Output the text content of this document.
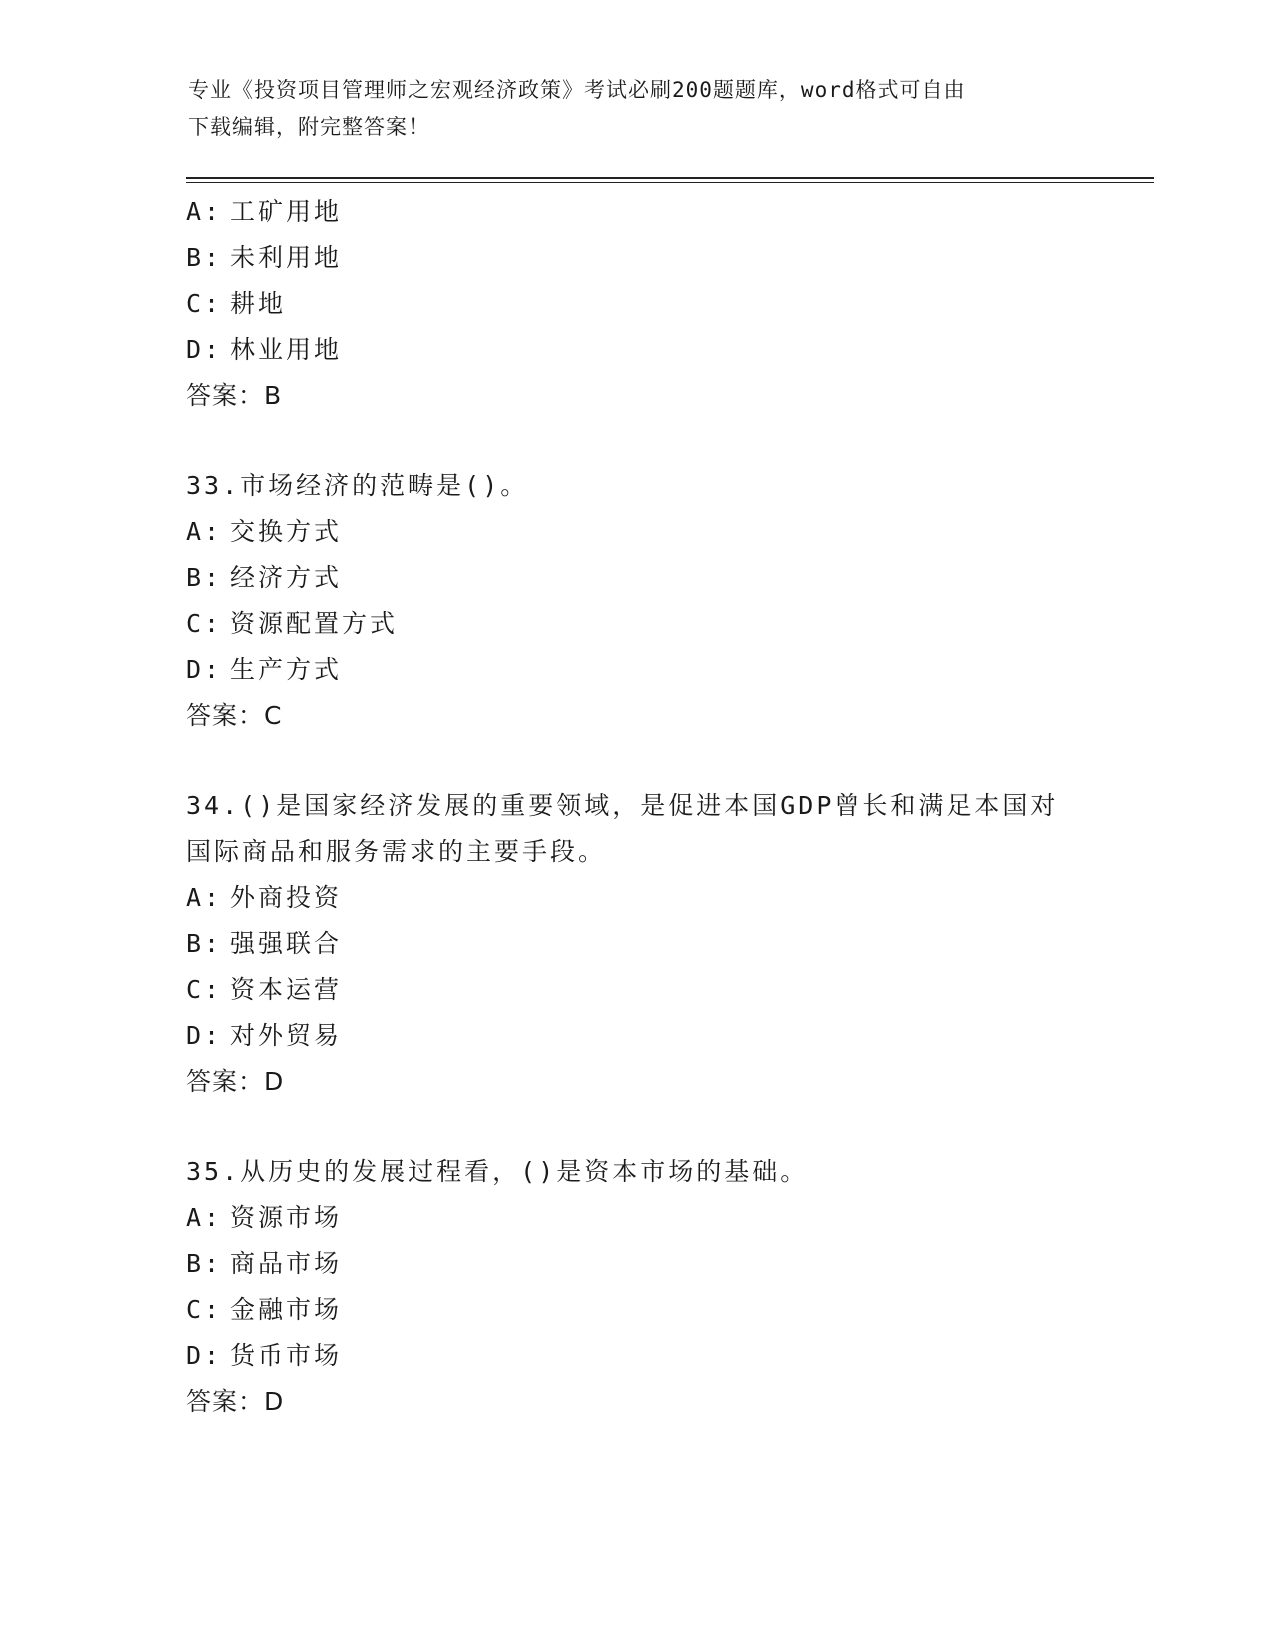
专业《投资项目管理师之宏观经济政策》考试必刷200题题库，word格式可自由
下载编辑，附完整答案！
A: 工矿用地
B: 未利用地
C: 耕地
D: 林业用地
答案：B
33.市场经济的范畴是()。
A: 交换方式
B: 经济方式
C: 资源配置方式
D: 生产方式
答案：C
34.()是国家经济发展的重要领域，是促进本国GDP曾长和满足本国对
国际商品和服务需求的主要手段。
A: 外商投资
B: 强强联合
C: 资本运营
D: 对外贸易
答案：D
35.从历史的发展过程看，()是资本市场的基础。
A: 资源市场
B: 商品市场
C: 金融市场
D: 货币市场
答案：D
